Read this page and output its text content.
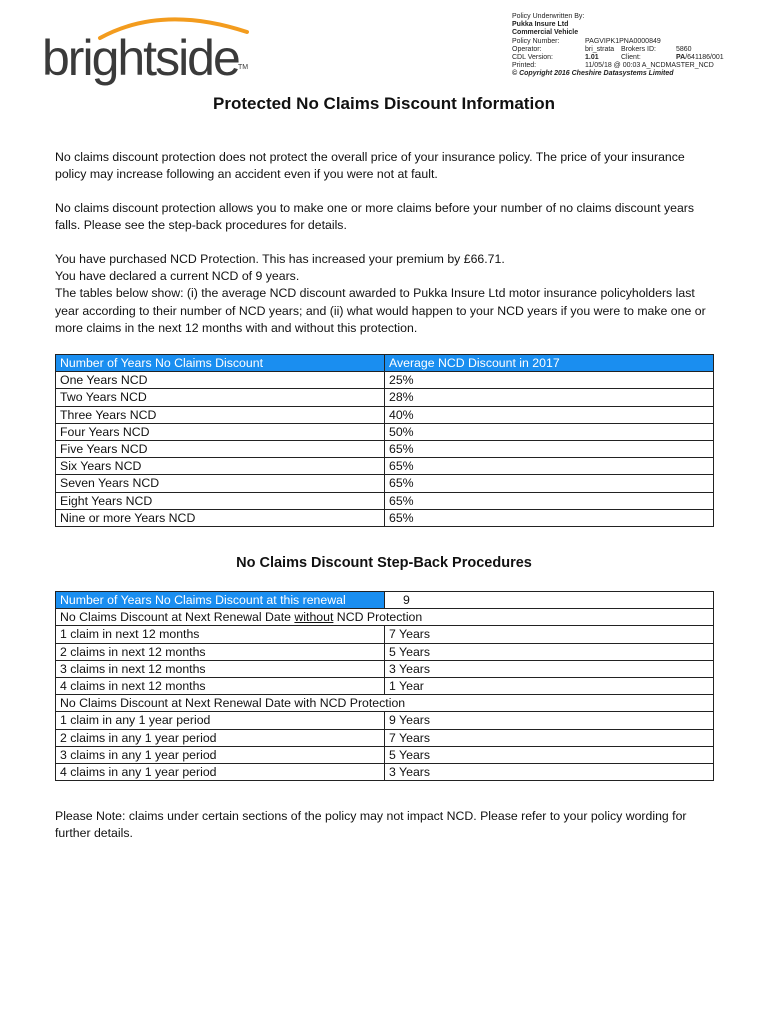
brightside TM
Policy Underwritten By:
Pukka Insure Ltd
Commercial Vehicle
Policy Number:	PAGVIPK1PNA0000849
Operator:	bri_strata Brokers ID:	5860
CDL Version:	1.01	Client:	PA/641186/001
Printed:	11/05/18 @ 00:03 A_NCDMASTER_NCD
© Copyright 2016 Cheshire Datasystems Limited
Protected No Claims Discount Information

No claims discount protection does not protect the overall price of your insurance policy. The price of your insurance policy may increase following an accident even if you were not at fault.

No claims discount protection allows you to make one or more claims before your number of no claims discount years falls. Please see the step-back procedures for details.

You have purchased NCD Protection. This has increased your premium by £66.71.
You have declared a current NCD of 9 years.
The tables below show: (i) the average NCD discount awarded to Pukka Insure Ltd motor insurance policyholders last year according to their number of NCD years; and (ii) what would happen to your NCD years if you were to make one or more claims in the next 12 months with and without this protection.
Number of Years No Claims Discount	Average NCD Discount in 2017
One Years NCD	25%
Two Years NCD	28%
Three Years NCD	40%
Four Years NCD	50%
Five Years NCD	65%
Six Years NCD	65%
Seven Years NCD	65%
Eight Years NCD	65%
Nine or more Years NCD	65%
No Claims Discount Step-Back Procedures
Number of Years No Claims Discount at this renewal	9
No Claims Discount at Next Renewal Date without NCD Protection	
1 claim in next 12 months	7 Years
2 claims in next 12 months	5 Years
3 claims in next 12 months	3 Years
4 claims in next 12 months	1 Year
No Claims Discount at Next Renewal Date with NCD Protection	
1 claim in any 1 year period	9 Years
2 claims in any 1 year period	7 Years
3 claims in any 1 year period	5 Years
4 claims in any 1 year period	3 Years

Please Note: claims under certain sections of the policy may not impact NCD. Please refer to your policy wording for further details.
